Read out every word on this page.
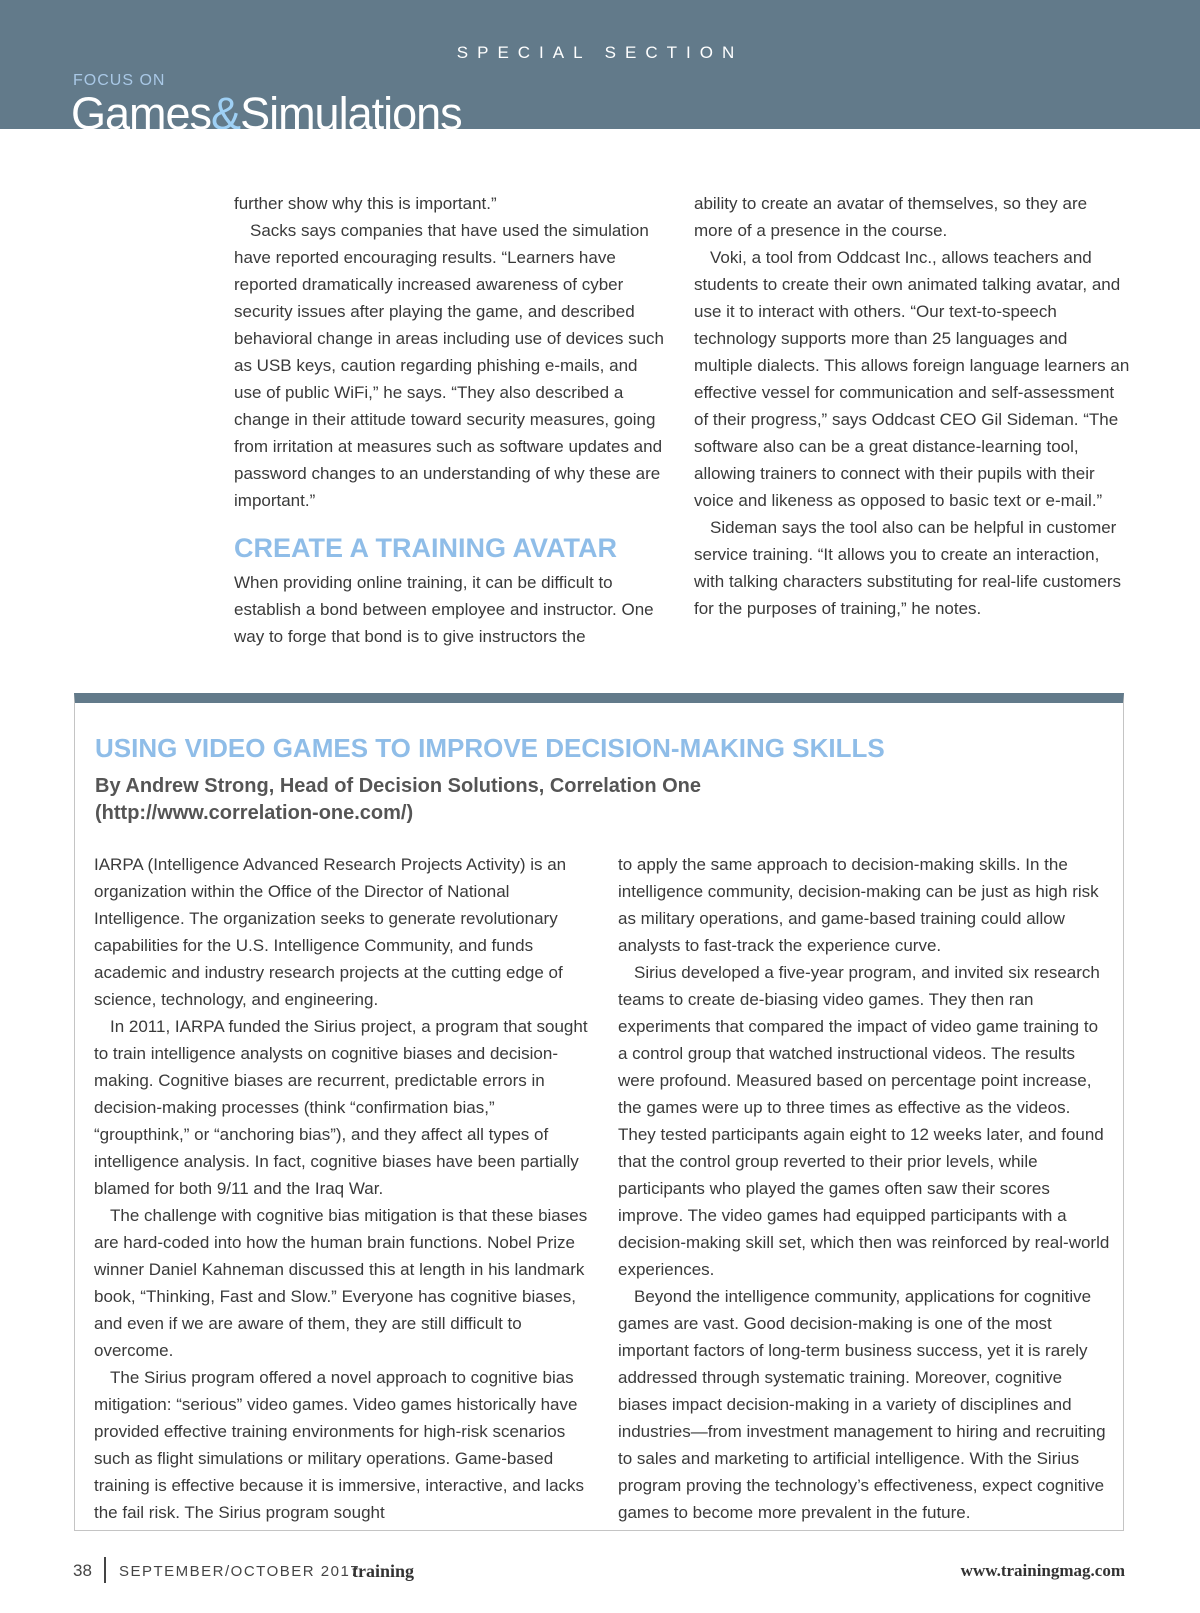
SPECIAL SECTION
FOCUS ON
Games&Simulations

further show why this is important.”

Sacks says companies that have used the simulation have reported encouraging results. “Learners have reported dramatically increased awareness of cyber security issues after playing the game, and described behavioral change in areas including use of devices such as USB keys, caution regarding phishing e-mails, and use of public WiFi,” he says. “They also described a change in their attitude toward security measures, going from irritation at measures such as software updates and password changes to an understanding of why these are important.”

CREATE A TRAINING AVATAR

When providing online training, it can be difficult to establish a bond between employee and instructor. One way to forge that bond is to give instructors the

ability to create an avatar of themselves, so they are more of a presence in the course.

Voki, a tool from Oddcast Inc., allows teachers and students to create their own animated talking avatar, and use it to interact with others. “Our text-to-speech technology supports more than 25 languages and multiple dialects. This allows foreign language learners an effective vessel for communication and self-assessment of their progress,” says Oddcast CEO Gil Sideman. “The software also can be a great distance-learning tool, allowing trainers to connect with their pupils with their voice and likeness as opposed to basic text or e-mail.”

Sideman says the tool also can be helpful in customer service training. “It allows you to create an interaction, with talking characters substituting for real-life customers for the purposes of training,” he notes.

USING VIDEO GAMES TO IMPROVE DECISION-MAKING SKILLS
By Andrew Strong, Head of Decision Solutions, Correlation One
(http://www.correlation-one.com/)

IARPA (Intelligence Advanced Research Projects Activity) is an organization within the Office of the Director of National Intelligence. The organization seeks to generate revolutionary capabilities for the U.S. Intelligence Community, and funds academic and industry research projects at the cutting edge of science, technology, and engineering.

In 2011, IARPA funded the Sirius project, a program that sought to train intelligence analysts on cognitive biases and decision-making. Cognitive biases are recurrent, predictable errors in decision-making processes (think “confirmation bias,” “groupthink,” or “anchoring bias”), and they affect all types of intelligence analysis. In fact, cognitive biases have been partially blamed for both 9/11 and the Iraq War.

The challenge with cognitive bias mitigation is that these biases are hard-coded into how the human brain functions. Nobel Prize winner Daniel Kahneman discussed this at length in his landmark book, “Thinking, Fast and Slow.” Everyone has cognitive biases, and even if we are aware of them, they are still difficult to overcome.

The Sirius program offered a novel approach to cognitive bias mitigation: “serious” video games. Video games historically have provided effective training environments for high-risk scenarios such as flight simulations or military operations. Game-based training is effective because it is immersive, interactive, and lacks the fail risk. The Sirius program sought

to apply the same approach to decision-making skills. In the intelligence community, decision-making can be just as high risk as military operations, and game-based training could allow analysts to fast-track the experience curve.

Sirius developed a five-year program, and invited six research teams to create de-biasing video games. They then ran experiments that compared the impact of video game training to a control group that watched instructional videos. The results were profound. Measured based on percentage point increase, the games were up to three times as effective as the videos. They tested participants again eight to 12 weeks later, and found that the control group reverted to their prior levels, while participants who played the games often saw their scores improve. The video games had equipped participants with a decision-making skill set, which then was reinforced by real-world experiences.

Beyond the intelligence community, applications for cognitive games are vast. Good decision-making is one of the most important factors of long-term business success, yet it is rarely addressed through systematic training. Moreover, cognitive biases impact decision-making in a variety of disciplines and industries—from investment management to hiring and recruiting to sales and marketing to artificial intelligence. With the Sirius program proving the technology’s effectiveness, expect cognitive games to become more prevalent in the future.

38 SEPTEMBER/OCTOBER 2017
training	www.trainingmag.com
